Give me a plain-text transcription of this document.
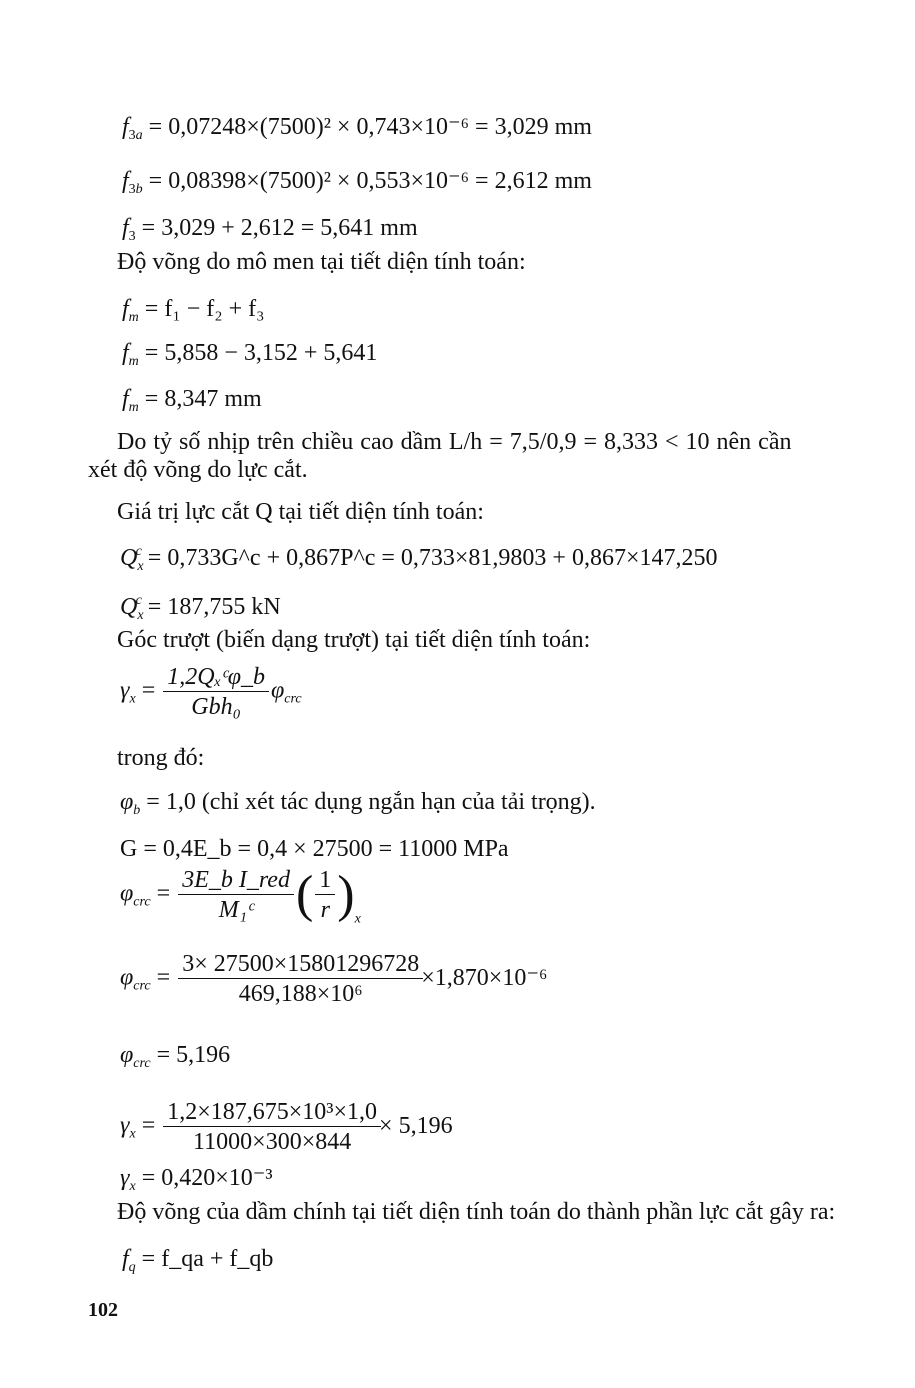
$f_{3a} = 0,07248\times(7500)^2 \times 0,743\times 10^{-6} = 3,029$ mm
$f_{3b} = 0,08398\times(7500)^2 \times 0,553\times 10^{-6} = 2,612$ mm
$f_3 = 3,029 + 2,612 = 5,641$ mm
Độ võng do mô men tại tiết diện tính toán:
$f_m = f_1 - f_2 + f_3$
$f_m = 5,858 - 3,152 + 5,641$
$f_m = 8,347$ mm
Do tỷ số nhịp trên chiều cao dầm L/h = 7,5/0,9 = 8,333 < 10 nên cần
xét độ võng do lực cắt.
Giá trị lực cắt Q tại tiết diện tính toán:
$Q_x^c$ = 0,733G^c + 0,867P^c = 0,733×81,9803 + 0,867×147,250
$Q_x^c = 187,755$ kN
Góc trượt (biến dạng trượt) tại tiết diện tính toán:
$\gamma_x = \frac{\text{1,2Qₓᶜφ\_b}}{\text{Gbh₀}} \varphi_{crc}$
trong đó:
$\varphi_b = 1,0$ (chỉ xét tác dụng ngắn hạn của tải trọng).
G = 0,4E_b = 0,4 × 27500 = 11000 MPa
$\varphi_{crc} = \frac{\text{3E\_b I\_red}}{\text{M₁ᶜ}}$ ( $\frac{1}{r} )_x$
$\varphi_{crc} = \frac{3\times 27500\times 15801296728}{\text{469,188×10⁶}}$
×1,870×10⁻⁶
$\varphi_{crc} = 5,196$
$\gamma_x = \frac{\text{1,2×187,675×10³×1,0}}{11000\times 300\times 844}$
× 5,196
$\gamma_x = 0,420\times 10^{-3}$
Độ võng của dầm chính tại tiết diện tính toán do thành phần lực cắt gây ra:
$f_q$ = f_qa + f_qb
102
